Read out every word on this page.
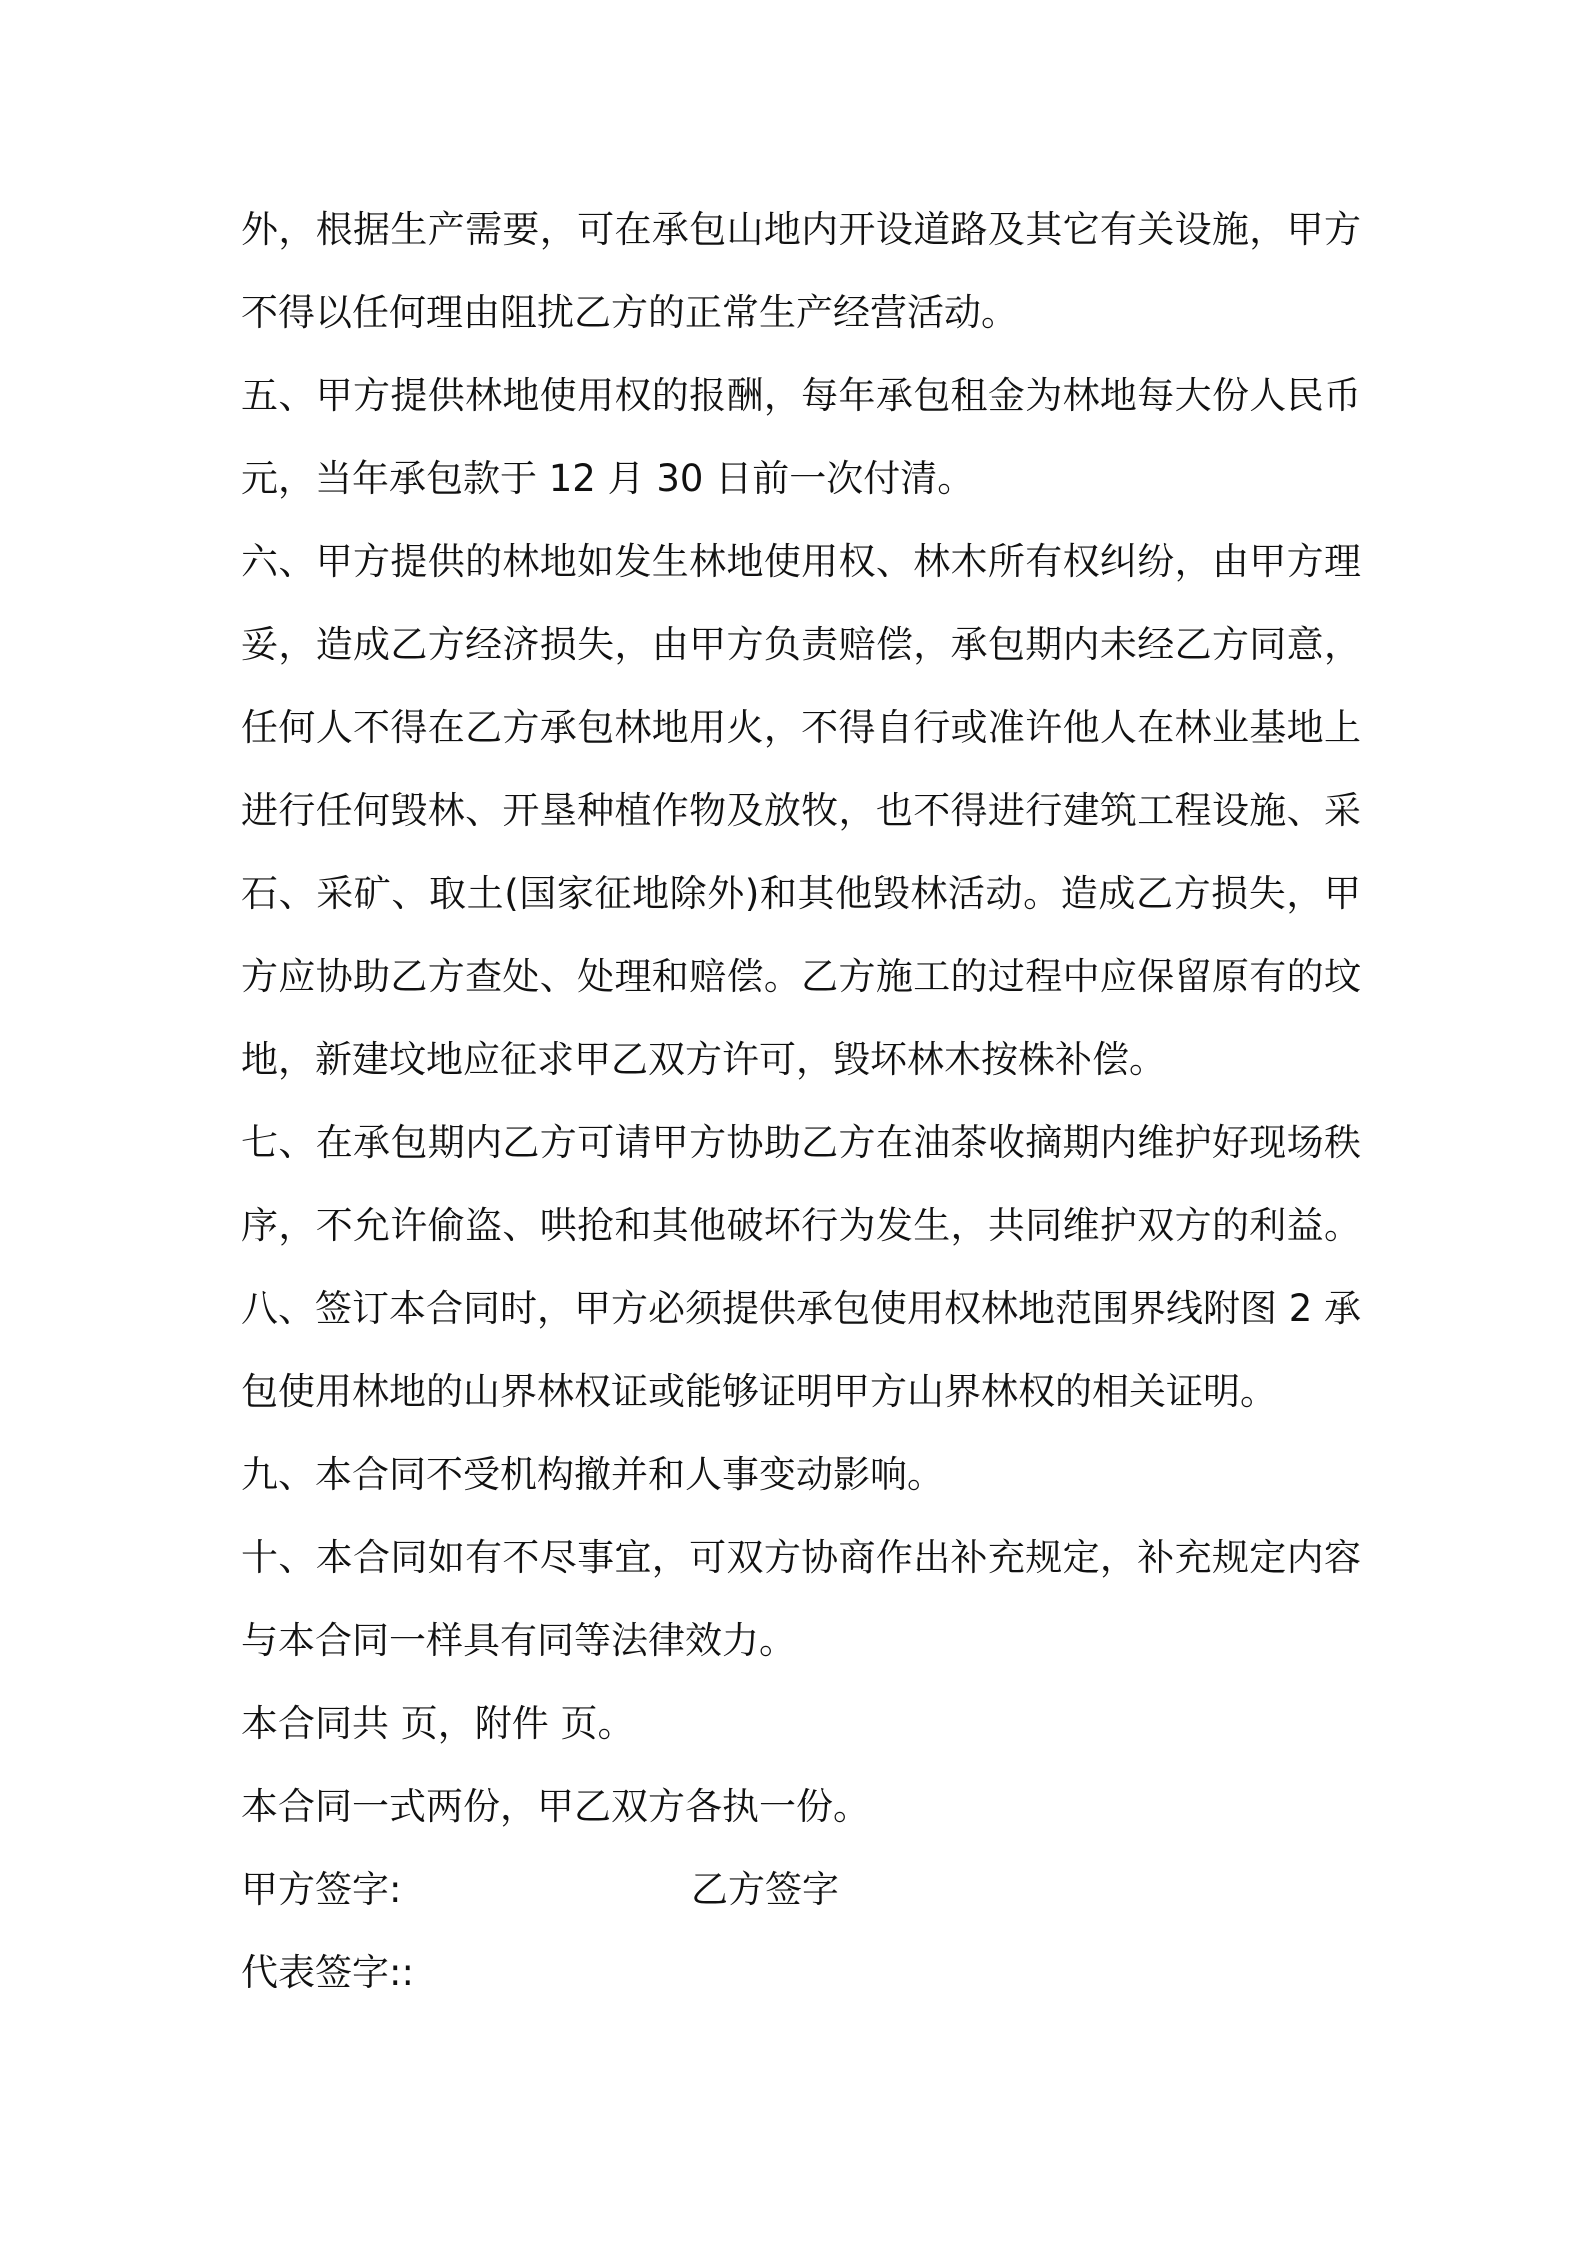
外，根据生产需要，可在承包山地内开设道路及其它有关设施，甲方
不得以任何理由阻扰乙方的正常生产经营活动。
五、甲方提供林地使用权的报酬，每年承包租金为林地每大份人民币
元，当年承包款于 12 月 30 日前一次付清。
六、甲方提供的林地如发生林地使用权、林木所有权纠纷，由甲方理
妥，造成乙方经济损失，由甲方负责赔偿，承包期内未经乙方同意，
任何人不得在乙方承包林地用火，不得自行或准许他人在林业基地上
进行任何毁林、开垦种植作物及放牧，也不得进行建筑工程设施、采
石、采矿、取土(国家征地除外)和其他毁林活动。造成乙方损失，甲
方应协助乙方查处、处理和赔偿。乙方施工的过程中应保留原有的坟
地，新建坟地应征求甲乙双方许可，毁坏林木按株补偿。
七、在承包期内乙方可请甲方协助乙方在油茶收摘期内维护好现场秩
序，不允许偷盗、哄抢和其他破坏行为发生，共同维护双方的利益。
八、签订本合同时，甲方必须提供承包使用权林地范围界线附图 2 承
包使用林地的山界林权证或能够证明甲方山界林权的相关证明。
九、本合同不受机构撤并和人事变动影响。
十、本合同如有不尽事宜，可双方协商作出补充规定，补充规定内容
与本合同一样具有同等法律效力。
本合同共 页，附件 页。
本合同一式两份，甲乙双方各执一份。
甲方签字:	乙方签字
代表签字::
